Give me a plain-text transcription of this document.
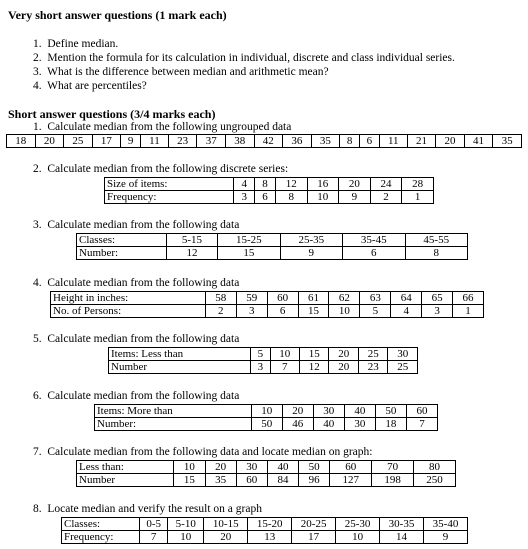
Very short answer questions (1 mark each)
1. Define median.
2. Mention the formula for its calculation in individual, discrete and class individual series.
3. What is the difference between median and arithmetic mean?
4. What are percentiles?
Short answer questions (3/4 marks each)
1. Calculate median from the following ungrouped data
18	20	25	17	9	11	23	37	38	42	36	35	8	6	11	21	20	41	35
2. Calculate median from the following discrete series:
Size of items:	4	8	12	16	20	24	28
Frequency:	3	6	8	10	9	2	1
3. Calculate median from the following data
Classes:	5-15	15-25	25-35	35-45	45-55
Number:	12	15	9	6	8
4. Calculate median from the following data
Height in inches:	58	59	60	61	62	63	64	65	66
No. of Persons:	2	3	6	15	10	5	4	3	1
5. Calculate median from the following data
Items: Less than	5	10	15	20	25	30
Number	3	7	12	20	23	25
6. Calculate median from the following data
Items: More than	10	20	30	40	50	60
Number:	50	46	40	30	18	7
7. Calculate median from the following data and locate median on graph:
Less than:	10	20	30	40	50	60	70	80
Number	15	35	60	84	96	127	198	250
8. Locate median and verify the result on a graph
Classes:	0-5	5-10	10-15	15-20	20-25	25-30	30-35	35-40
Frequency:	7	10	20	13	17	10	14	9
